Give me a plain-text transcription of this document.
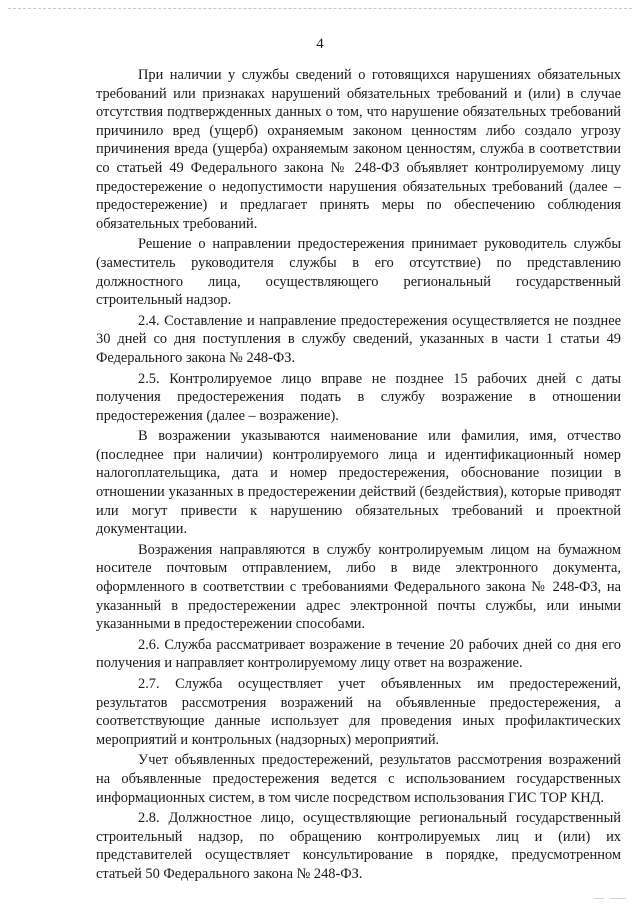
4

При наличии у службы сведений о готовящихся нарушениях обязательных требований или признаках нарушений обязательных требований и (или) в случае отсутствия подтвержденных данных о том, что нарушение обязательных требований причинило вред (ущерб) охраняемым законом ценностям либо создало угрозу причинения вреда (ущерба) охраняемым законом ценностям, служба в соответствии со статьей 49 Федерального закона № 248-ФЗ объявляет контролируемому лицу предостережение о недопустимости нарушения обязательных требований (далее – предостережение) и предлагает принять меры по обеспечению соблюдения обязательных требований.

Решение о направлении предостережения принимает руководитель службы (заместитель руководителя службы в его отсутствие) по представлению должностного лица, осуществляющего региональный государственный строительный надзор.

2.4. Составление и направление предостережения осуществляется не позднее 30 дней со дня поступления в службу сведений, указанных в части 1 статьи 49 Федерального закона № 248-ФЗ.

2.5. Контролируемое лицо вправе не позднее 15 рабочих дней с даты получения предостережения подать в службу возражение в отношении предостережения (далее – возражение).

В возражении указываются наименование или фамилия, имя, отчество (последнее при наличии) контролируемого лица и идентификационный номер налогоплательщика, дата и номер предостережения, обоснование позиции в отношении указанных в предостережении действий (бездействия), которые приводят или могут привести к нарушению обязательных требований и проектной документации.

Возражения направляются в службу контролируемым лицом на бумажном носителе почтовым отправлением, либо в виде электронного документа, оформленного в соответствии с требованиями Федерального закона № 248-ФЗ, на указанный в предостережении адрес электронной почты службы, или иными указанными в предостережении способами.

2.6. Служба рассматривает возражение в течение 20 рабочих дней со дня его получения и направляет контролируемому лицу ответ на возражение.

2.7. Служба осуществляет учет объявленных им предостережений, результатов рассмотрения возражений на объявленные предостережения, а соответствующие данные использует для проведения иных профилактических мероприятий и контрольных (надзорных) мероприятий.

Учет объявленных предостережений, результатов рассмотрения возражений на объявленные предостережения ведется с использованием государственных информационных систем, в том числе посредством использования ГИС ТОР КНД.

2.8. Должностное лицо, осуществляющие региональный государственный строительный надзор, по обращению контролируемых лиц и (или) их представителей осуществляет консультирование в порядке, предусмотренном статьей 50 Федерального закона № 248-ФЗ.
